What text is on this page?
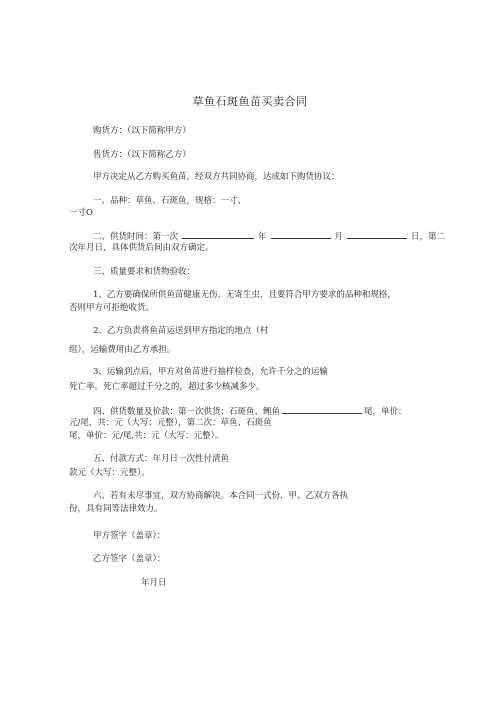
草鱼石斑鱼苗买卖合同
购货方：（以下简称甲方）
售货方：（以下简称乙方）
甲方决定从乙方购买鱼苗，经双方共同协商，达成如下购货协议：
一、品种：草鱼、石斑鱼，规格：一寸、
一寸O
二、供货时间：第一次	年	月	日，第二
次年月日，具体供货后间由双方确定。
三、质量要求和货物验收：
1、乙方要确保所供鱼苗健康无伤、无寄生虫，且要符合甲方要求的品种和规格，
否则甲方可拒绝收货。
2、乙方负责将鱼苗运送到甲方指定的地点（村
组），运输费用由乙方承担。
3、运输到点后，甲方对鱼苗进行抽样检查，允许千分之的运输
死亡率。死亡率超过千分之的，超过多少核减多少。
四、供货数量及价款：第一次供货：石斑鱼、鲤鱼	尾，单价：
元/尾，共：元（大写：元整），第二次：草鱼、石斑鱼
尾，单价：元/尾,共：元（大写：元整）。
五、付款方式：年月日一次性付清鱼
款元（大写：元整）。
六、若有未尽事宜，双方协商解决。本合同一式份，甲、乙双方各执
份，具有同等法律效力。
甲方签字（盖章）：
乙方签字（盖章）：
年月日
